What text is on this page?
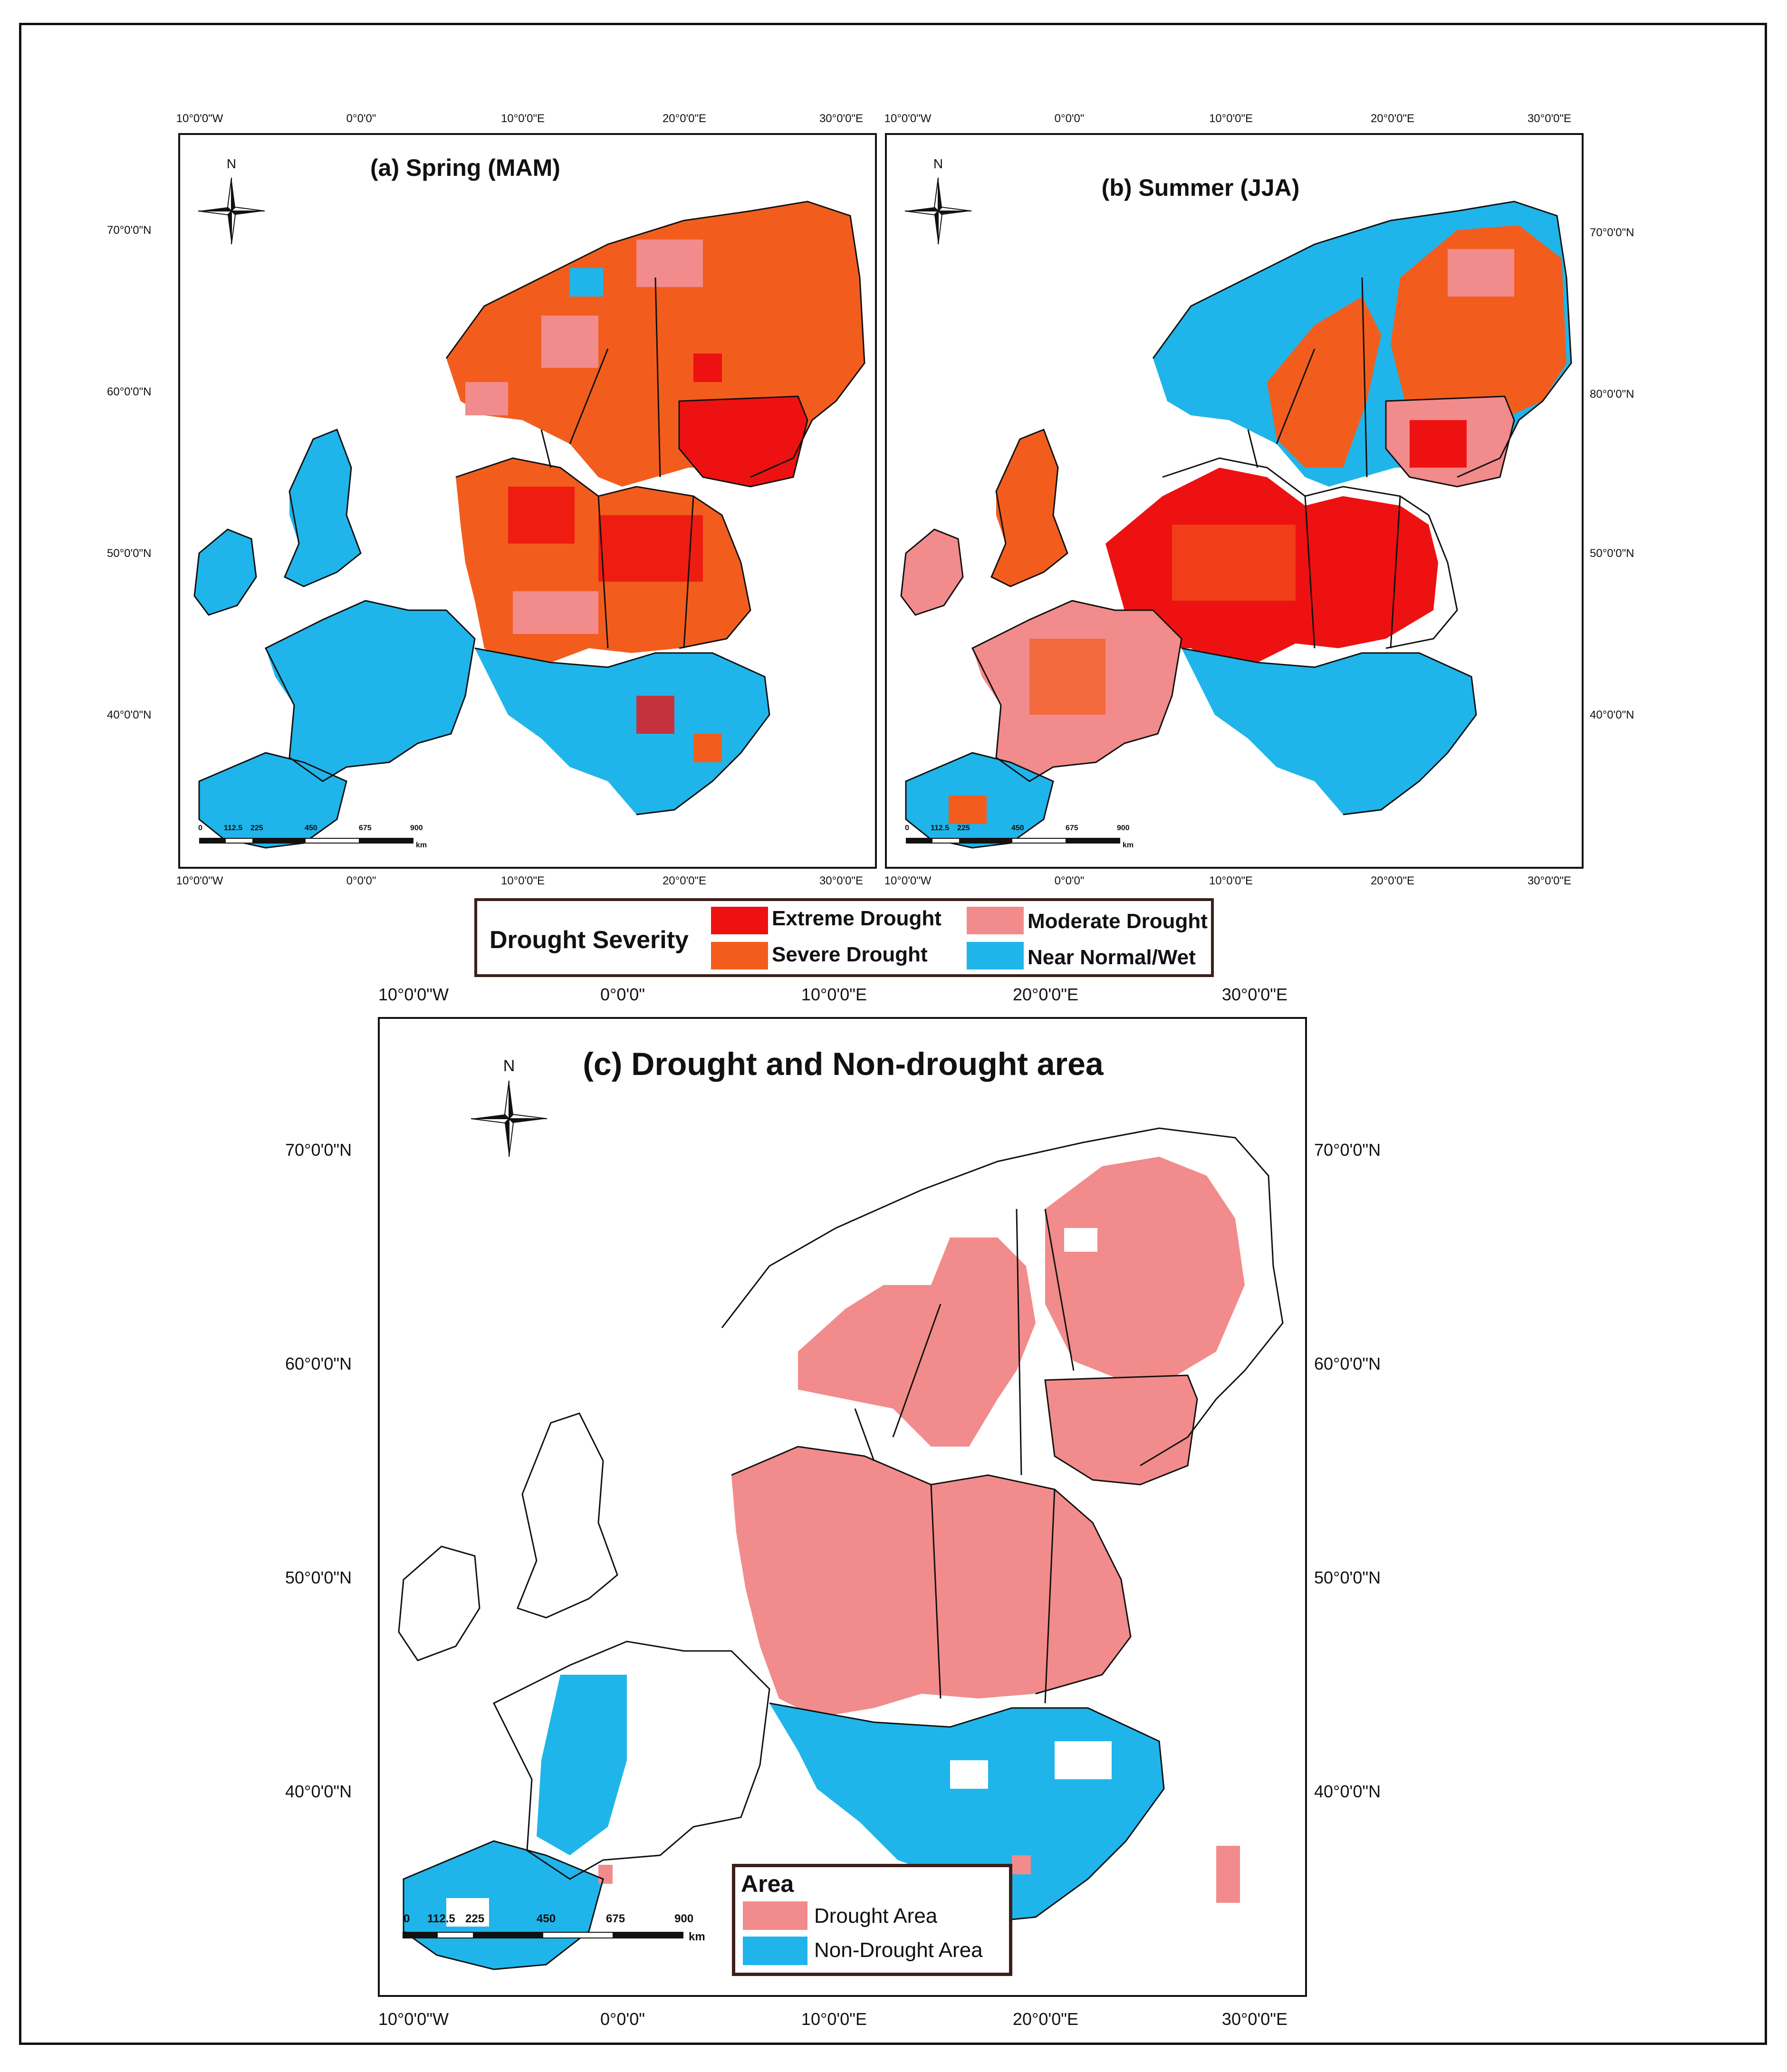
(a) Spring (MAM)
N
0	112.5 225	450	675	900
km
10°0'0"W	0°0'0"	10°0'0"E	20°0'0"E	30°0'0"E
10°0'0"W	0°0'0"	10°0'0"E	20°0'0"E	30°0'0"E
70°0'0"N
60°0'0"N
50°0'0"N
40°0'0"N
(b) Summer (JJA)
N
0	112.5 225	450	675	900
km
10°0'0"W	0°0'0"	10°0'0"E	20°0'0"E	30°0'0"E
10°0'0"W	0°0'0"	10°0'0"E	20°0'0"E	30°0'0"E
70°0'0"N
80°0'0"N
50°0'0"N
40°0'0"N
Drought Severity
Extreme Drought
Severe Drought
Moderate Drought
Near Normal/Wet
10°0'0"W	0°0'0"	10°0'0"E	20°0'0"E	30°0'0"E
10°0'0"W	0°0'0"	10°0'0"E	20°0'0"E	30°0'0"E
70°0'0"N
60°0'0"N
50°0'0"N
40°0'0"N
70°0'0"N
60°0'0"N
50°0'0"N
40°0'0"N
(c) Drought and Non-drought area
N
0 112.5 225	450	675	900
km
Area
Drought Area
Non-Drought Area
